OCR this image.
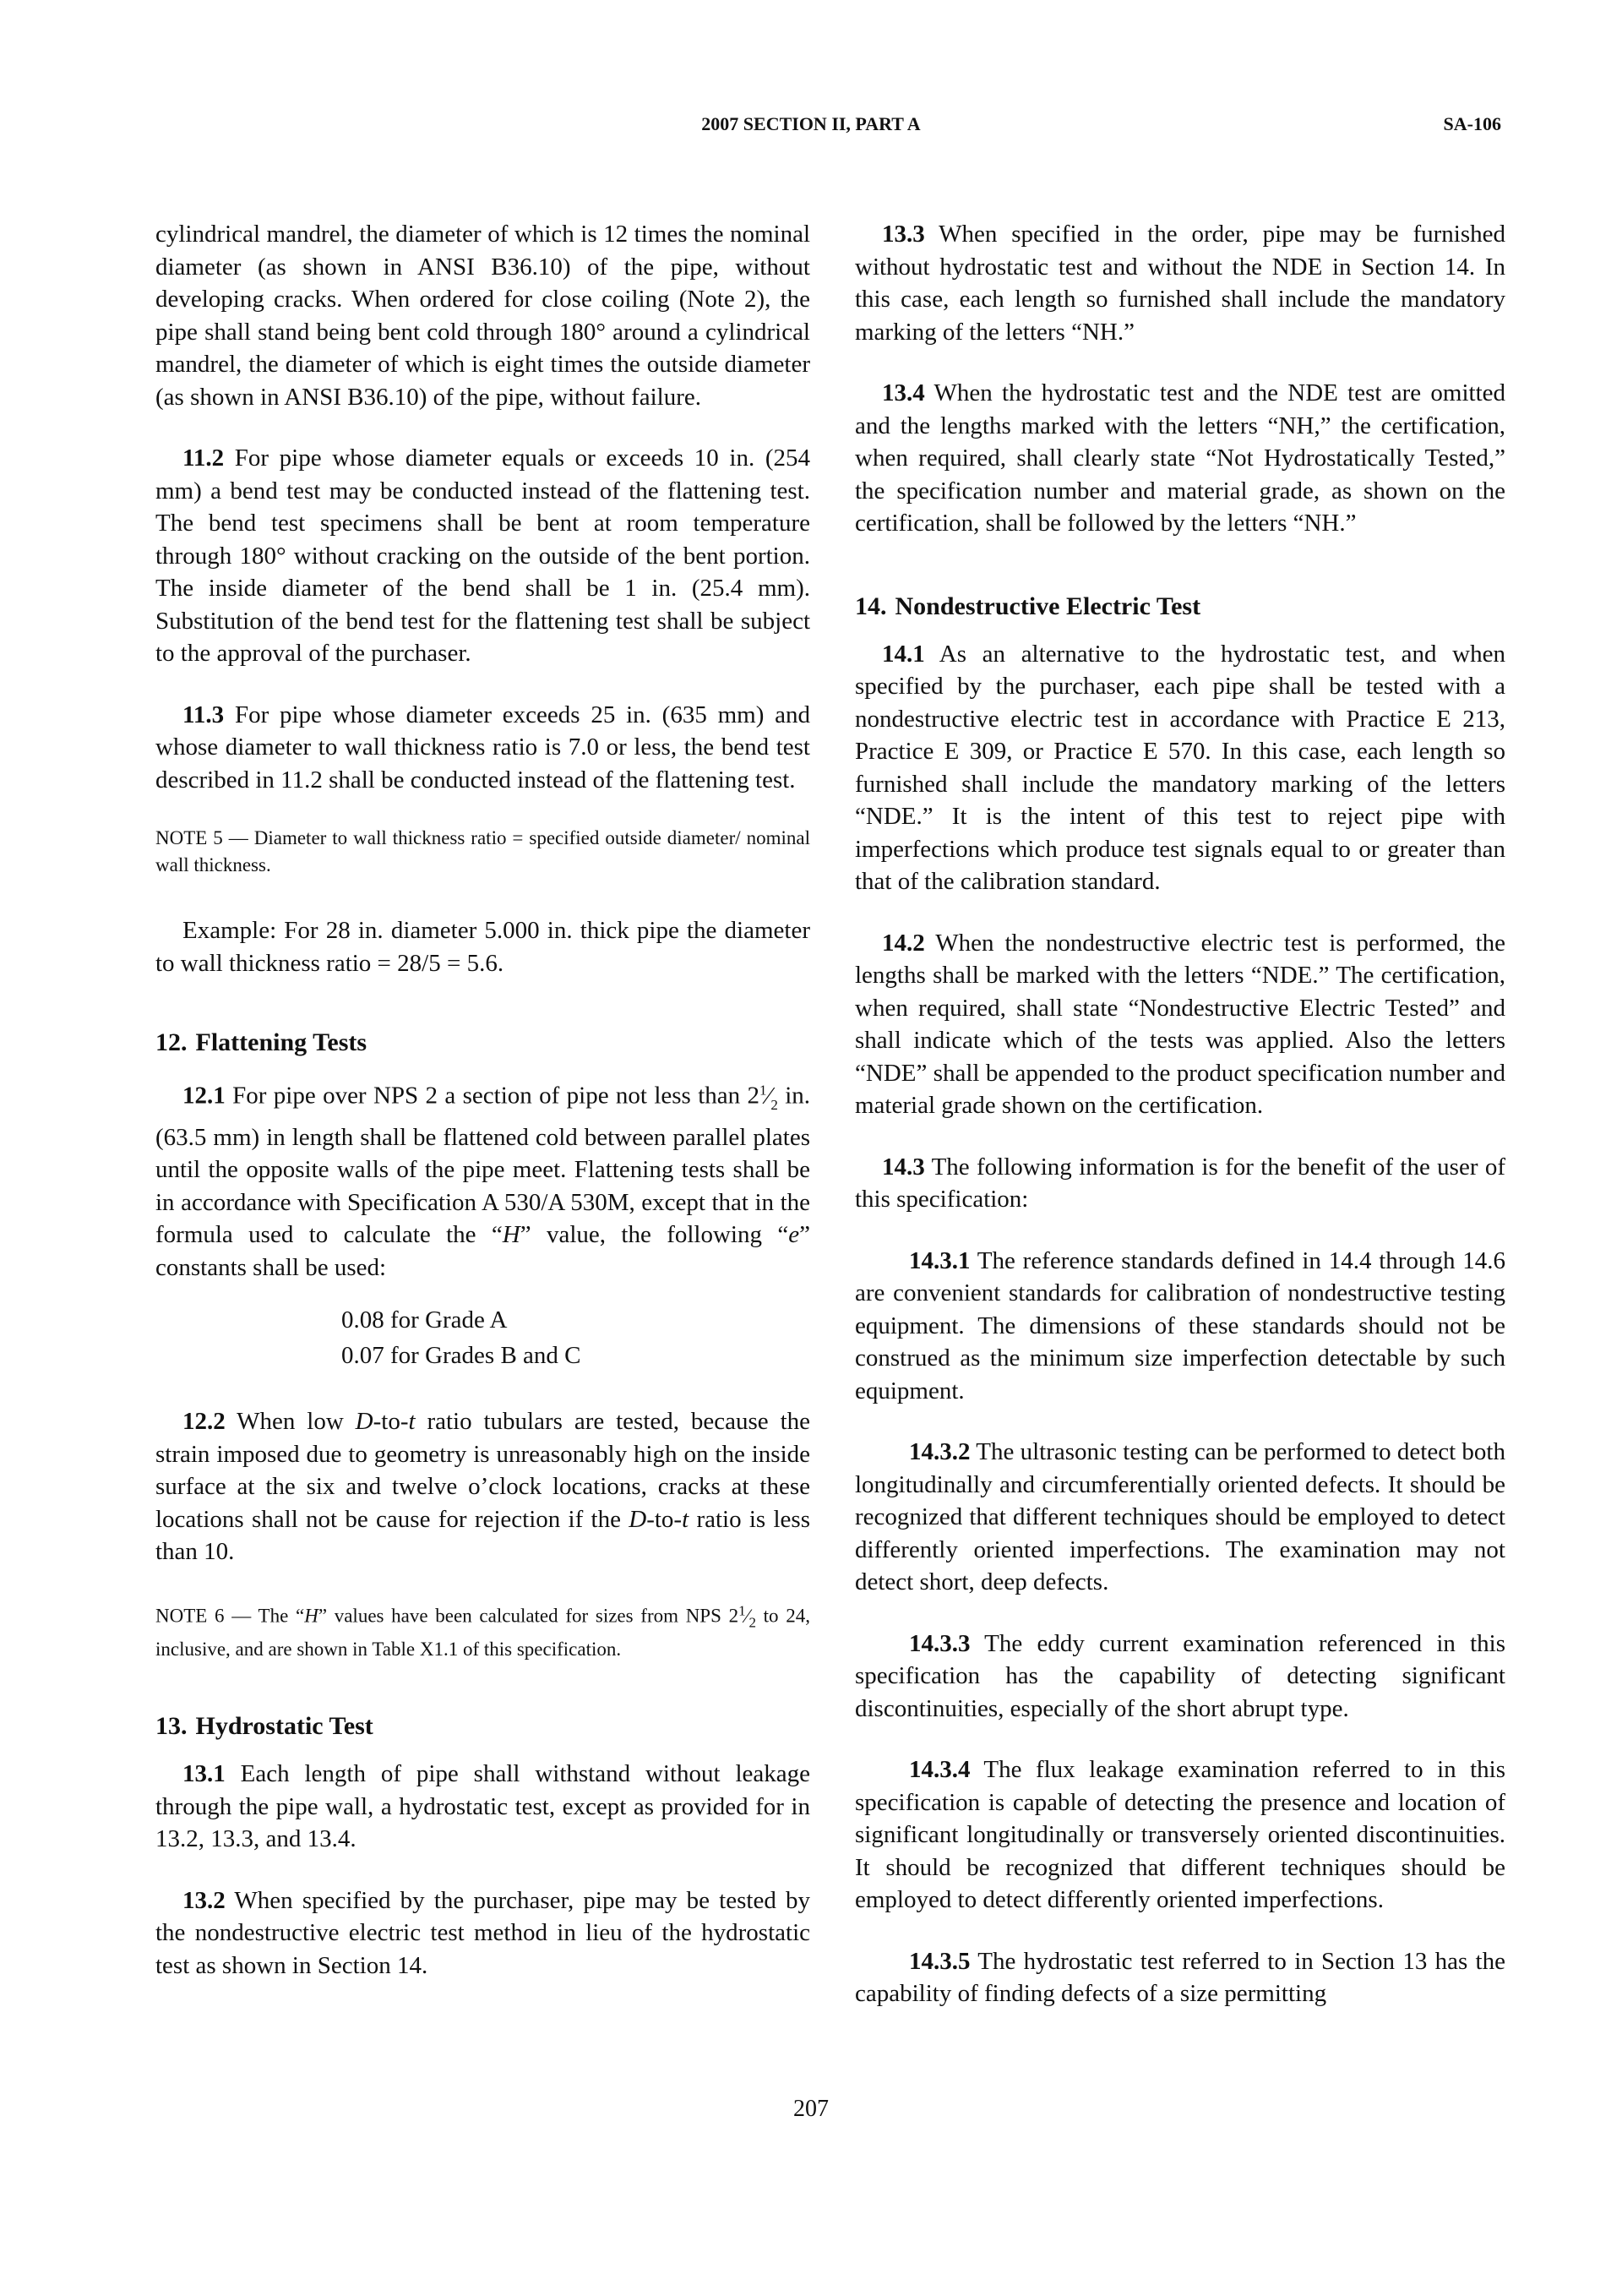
2007 SECTION II, PART A	SA-106

cylindrical mandrel, the diameter of which is 12 times the nominal diameter (as shown in ANSI B36.10) of the pipe, without developing cracks. When ordered for close coiling (Note 2), the pipe shall stand being bent cold through 180° around a cylindrical mandrel, the diameter of which is eight times the outside diameter (as shown in ANSI B36.10) of the pipe, without failure.

11.2 For pipe whose diameter equals or exceeds 10 in. (254 mm) a bend test may be conducted instead of the flattening test. The bend test specimens shall be bent at room temperature through 180° without cracking on the outside of the bent portion. The inside diameter of the bend shall be 1 in. (25.4 mm). Substitution of the bend test for the flattening test shall be subject to the approval of the purchaser.

11.3 For pipe whose diameter exceeds 25 in. (635 mm) and whose diameter to wall thickness ratio is 7.0 or less, the bend test described in 11.2 shall be conducted instead of the flattening test.

NOTE 5 — Diameter to wall thickness ratio = specified outside diameter/ nominal wall thickness.

Example: For 28 in. diameter 5.000 in. thick pipe the diameter to wall thickness ratio = 28/5 = 5.6.

12. Flattening Tests

12.1 For pipe over NPS 2 a section of pipe not less than $2^1⁄_2$ in. (63.5 mm) in length shall be flattened cold between parallel plates until the opposite walls of the pipe meet. Flattening tests shall be in accordance with Specification A 530/A 530M, except that in the formula used to calculate the “H” value, the following “e” constants shall be used:

0.08 for Grade A
0.07 for Grades B and C

12.2 When low D-to-t ratio tubulars are tested, because the strain imposed due to geometry is unreasonably high on the inside surface at the six and twelve o’clock locations, cracks at these locations shall not be cause for rejection if the D-to-t ratio is less than 10.

NOTE 6 — The “H” values have been calculated for sizes from NPS $2^1⁄_2$ to 24, inclusive, and are shown in Table X1.1 of this specification.
13. Hydrostatic Test

13.1 Each length of pipe shall withstand without leakage through the pipe wall, a hydrostatic test, except as provided for in 13.2, 13.3, and 13.4.

13.2 When specified by the purchaser, pipe may be tested by the nondestructive electric test method in lieu of the hydrostatic test as shown in Section 14.

13.3 When specified in the order, pipe may be furnished without hydrostatic test and without the NDE in Section 14. In this case, each length so furnished shall include the mandatory marking of the letters “NH.”

13.4 When the hydrostatic test and the NDE test are omitted and the lengths marked with the letters “NH,” the certification, when required, shall clearly state “Not Hydrostatically Tested,” the specification number and material grade, as shown on the certification, shall be followed by the letters “NH.”

14. Nondestructive Electric Test

14.1 As an alternative to the hydrostatic test, and when specified by the purchaser, each pipe shall be tested with a nondestructive electric test in accordance with Practice E 213, Practice E 309, or Practice E 570. In this case, each length so furnished shall include the mandatory marking of the letters “NDE.” It is the intent of this test to reject pipe with imperfections which produce test signals equal to or greater than that of the calibration standard.

14.2 When the nondestructive electric test is performed, the lengths shall be marked with the letters “NDE.” The certification, when required, shall state “Nondestructive Electric Tested” and shall indicate which of the tests was applied. Also the letters “NDE” shall be appended to the product specification number and material grade shown on the certification.

14.3 The following information is for the benefit of the user of this specification:

14.3.1 The reference standards defined in 14.4 through 14.6 are convenient standards for calibration of nondestructive testing equipment. The dimensions of these standards should not be construed as the minimum size imperfection detectable by such equipment.

14.3.2 The ultrasonic testing can be performed to detect both longitudinally and circumferentially oriented defects. It should be recognized that different techniques should be employed to detect differently oriented imperfections. The examination may not detect short, deep defects.

14.3.3 The eddy current examination referenced in this specification has the capability of detecting significant discontinuities, especially of the short abrupt type.

14.3.4 The flux leakage examination referred to in this specification is capable of detecting the presence and location of significant longitudinally or transversely oriented discontinuities. It should be recognized that different techniques should be employed to detect differently oriented imperfections.

14.3.5 The hydrostatic test referred to in Section 13 has the capability of finding defects of a size permitting

207
